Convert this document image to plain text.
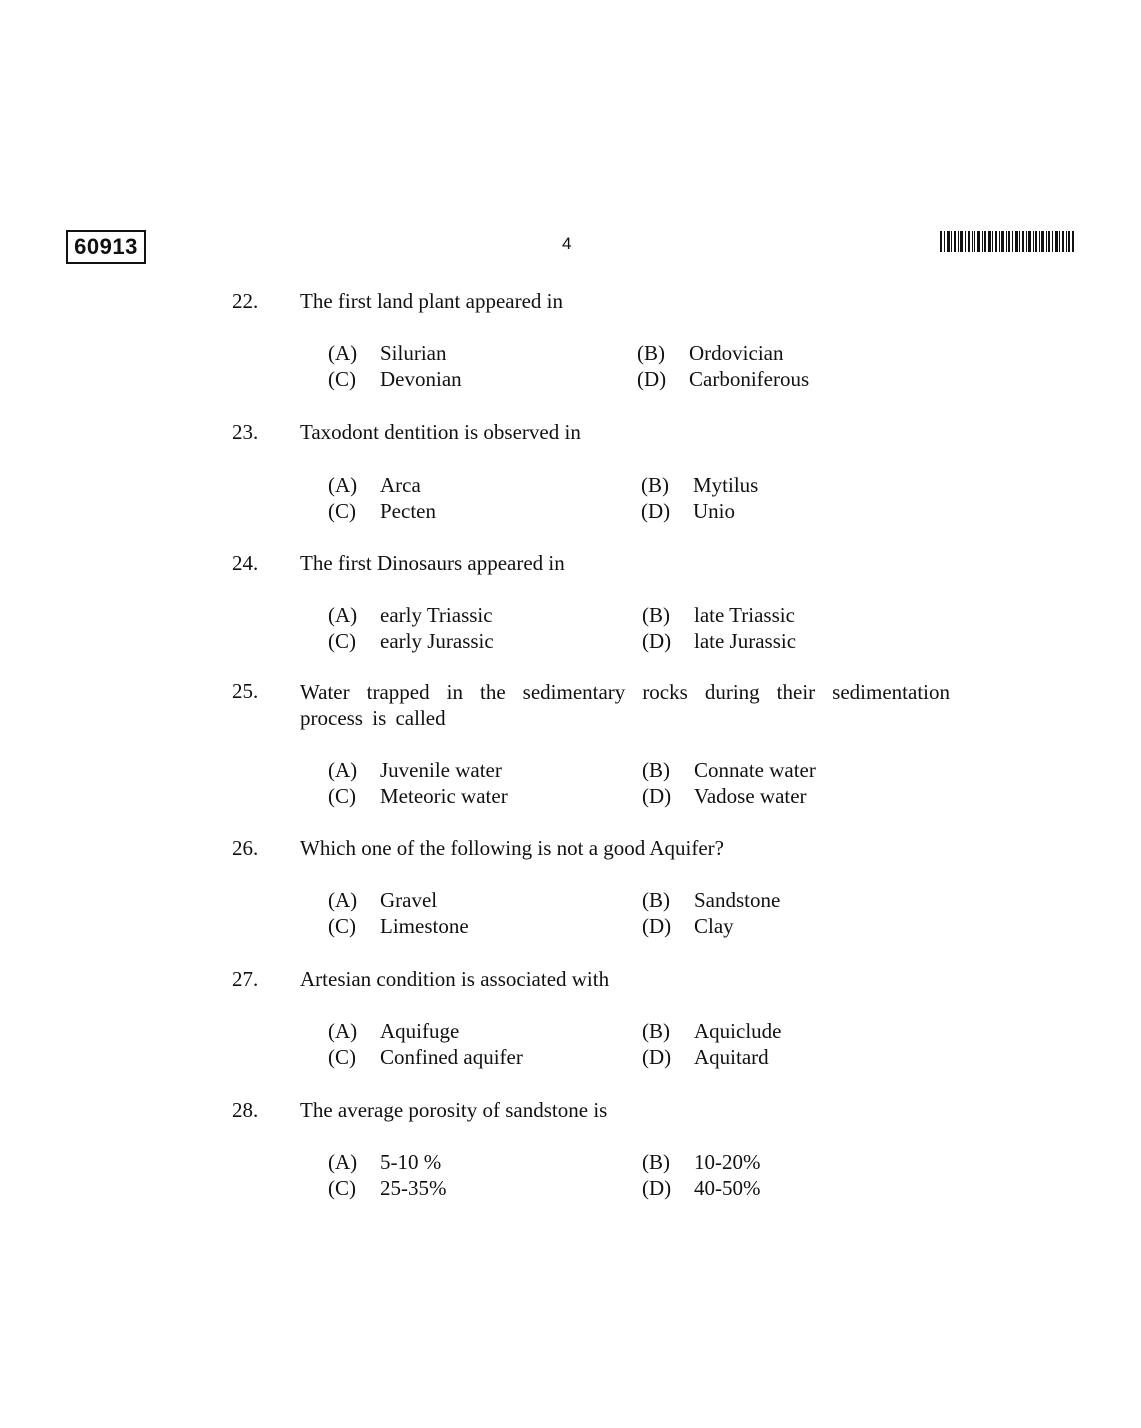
60913	4
22. The first land plant appeared in
(A) Silurian	(B) Ordovician
(C) Devonian	(D) Carboniferous
23. Taxodont dentition is observed in
(A) Arca	(B) Mytilus
(C) Pecten	(D) Unio
24. The first Dinosaurs appeared in
(A) early Triassic	(B) late Triassic
(C) early Jurassic	(D) late Jurassic
25. Water trapped in the sedimentary rocks during their sedimentation process is called
(A) Juvenile water	(B) Connate water
(C) Meteoric water	(D) Vadose water
26. Which one of the following is not a good Aquifer?
(A) Gravel	(B) Sandstone
(C) Limestone	(D) Clay
27. Artesian condition is associated with
(A) Aquifuge	(B) Aquiclude
(C) Confined aquifer	(D) Aquitard
28. The average porosity of sandstone is
(A) 5-10 %	(B) 10-20%
(C) 25-35%	(D) 40-50%
